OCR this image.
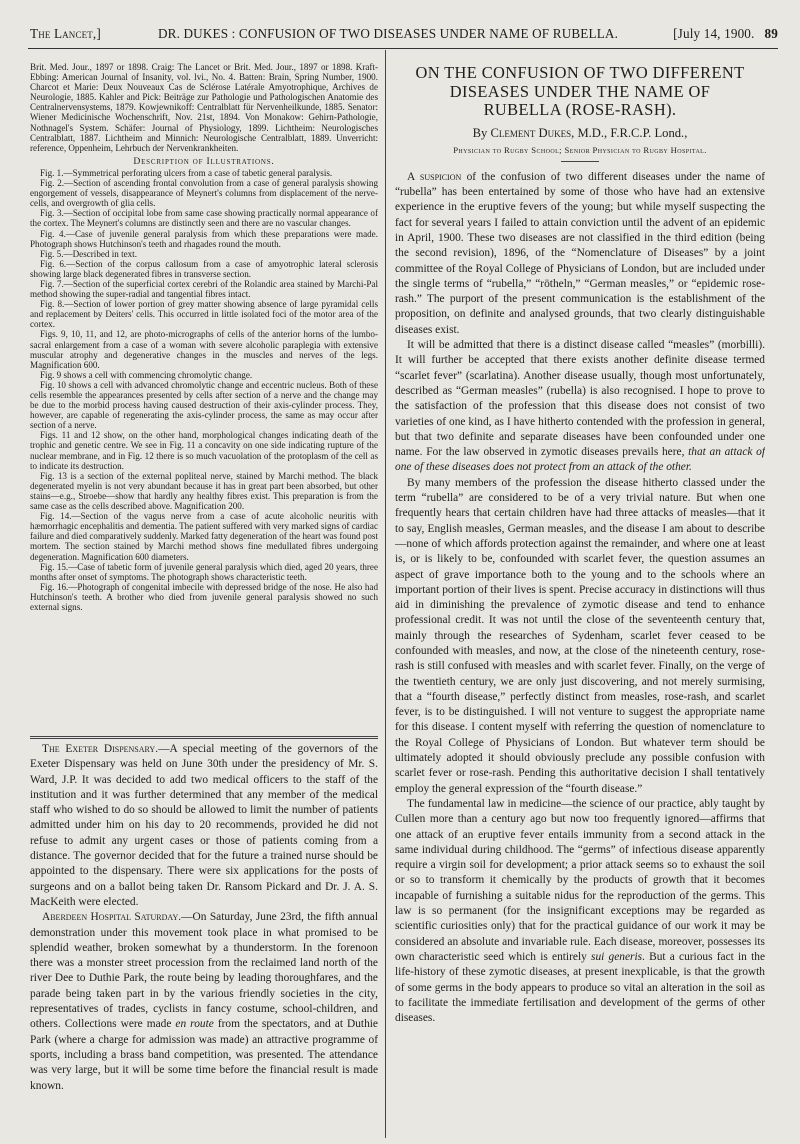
The Lancet,]	DR. DUKES : CONFUSION OF TWO DISEASES UNDER NAME OF RUBELLA.	[July 14, 1900. 89

Brit. Med. Jour., 1897 or 1898. Craig: The Lancet or Brit. Med. Jour., 1897 or 1898. Kraft-Ebbing: American Journal of Insanity, vol. lvi., No. 4. Batten: Brain, Spring Number, 1900. Charcot et Marie: Deux Nouveaux Cas de Sclérose Latérale Amyotrophique, Archives de Neurologie, 1885. Kahler and Pick: Beiträge zur Pathologie und Pathologischen Anatomie des Centralnervensystems, 1879. Kowjewnikoff: Centralblatt für Nervenheilkunde, 1885. Senator: Wiener Medicinische Wochenschrift, Nov. 21st, 1894. Von Monakow: Gehirn-Pathologie, Nothnagel's System. Schäfer: Journal of Physiology, 1899. Lichtheim: Neurologisches Centralblatt, 1887. Lichtheim and Minnich: Neurologische Centralblatt, 1889. Unverricht: reference, Oppenheim, Lehrbuch der Nervenkrankheiten.

Description of Illustrations.

Fig. 1.—Symmetrical perforating ulcers from a case of tabetic general paralysis.

Fig. 2.—Section of ascending frontal convolution from a case of general paralysis showing engorgement of vessels, disappearance of Meynert's columns from displacement of the nerve-cells, and overgrowth of glia cells.

Fig. 3.—Section of occipital lobe from same case showing practically normal appearance of the cortex. The Meynert's columns are distinctly seen and there are no vascular changes.

Fig. 4.—Case of juvenile general paralysis from which these preparations were made. Photograph shows Hutchinson's teeth and rhagades round the mouth.

Fig. 5.—Described in text.

Fig. 6.—Section of the corpus callosum from a case of amyotrophic lateral sclerosis showing large black degenerated fibres in transverse section.

Fig. 7.—Section of the superficial cortex cerebri of the Rolandic area stained by Marchi-Pal method showing the super-radial and tangential fibres intact.

Fig. 8.—Section of lower portion of grey matter showing absence of large pyramidal cells and replacement by Deiters' cells. This occurred in little isolated foci of the motor area of the cortex.

Figs. 9, 10, 11, and 12, are photo-micrographs of cells of the anterior horns of the lumbo-sacral enlargement from a case of a woman with severe alcoholic paraplegia with extensive muscular atrophy and degenerative changes in the muscles and nerves of the legs. Magnification 600.

Fig. 9 shows a cell with commencing chromolytic change.

Fig. 10 shows a cell with advanced chromolytic change and eccentric nucleus. Both of these cells resemble the appearances presented by cells after section of a nerve and the change may be due to the morbid process having caused destruction of their axis-cylinder process. They, however, are capable of regenerating the axis-cylinder process, the same as may occur after section of a nerve.

Figs. 11 and 12 show, on the other hand, morphological changes indicating death of the trophic and genetic centre. We see in Fig. 11 a concavity on one side indicating rupture of the nuclear membrane, and in Fig. 12 there is so much vacuolation of the protoplasm of the cell as to indicate its destruction.

Fig. 13 is a section of the external popliteal nerve, stained by Marchi method. The black degenerated myelin is not very abundant because it has in great part been absorbed, but other stains—e.g., Stroebe—show that hardly any healthy fibres exist. This preparation is from the same case as the cells described above. Magnification 200.

Fig. 14.—Section of the vagus nerve from a case of acute alcoholic neuritis with hæmorrhagic encephalitis and dementia. The patient suffered with very marked signs of cardiac failure and died comparatively suddenly. Marked fatty degeneration of the heart was found post mortem. The section stained by Marchi method shows fine medullated fibres undergoing degeneration. Magnification 600 diameters.

Fig. 15.—Case of tabetic form of juvenile general paralysis which died, aged 20 years, three months after onset of symptoms. The photograph shows characteristic teeth.

Fig. 16.—Photograph of congenital imbecile with depressed bridge of the nose. He also had Hutchinson's teeth. A brother who died from juvenile general paralysis showed no such external signs.

The Exeter Dispensary.—A special meeting of the governors of the Exeter Dispensary was held on June 30th under the presidency of Mr. S. Ward, J.P. It was decided to add two medical officers to the staff of the institution and it was further determined that any member of the medical staff who wished to do so should be allowed to limit the number of patients admitted under him on his day to 20 recommends, provided he did not refuse to admit any urgent cases or those of patients coming from a distance. The governor decided that for the future a trained nurse should be appointed to the dispensary. There were six applications for the posts of surgeons and on a ballot being taken Dr. Ransom Pickard and Dr. J. A. S. MacKeith were elected.

Aberdeen Hospital Saturday.—On Saturday, June 23rd, the fifth annual demonstration under this movement took place in what promised to be splendid weather, broken somewhat by a thunderstorm. In the forenoon there was a monster street procession from the reclaimed land north of the river Dee to Duthie Park, the route being by leading thoroughfares, and the parade being taken part in by the various friendly societies in the city, representatives of trades, cyclists in fancy costume, school-children, and others. Collections were made en route from the spectators, and at Duthie Park (where a charge for admission was made) an attractive programme of sports, including a brass band competition, was presented. The attendance was very large, but it will be some time before the financial result is made known.

ON THE CONFUSION OF TWO DIFFERENT
DISEASES UNDER THE NAME OF
RUBELLA (ROSE-RASH).
By Clement Dukes, M.D., F.R.C.P. Lond.,
Physician to Rugby School; Senior Physician to Rugby Hospital.

A suspicion of the confusion of two different diseases under the name of “rubella” has been entertained by some of those who have had an extensive experience in the eruptive fevers of the young; but while myself suspecting the fact for several years I failed to attain conviction until the advent of an epidemic in April, 1900. These two diseases are not classified in the third edition (being the second revision), 1896, of the “Nomenclature of Diseases” by a joint committee of the Royal College of Physicians of London, but are included under the single terms of “rubella,” “rötheln,” “German measles,” or “epidemic rose-rash.” The purport of the present communication is the establishment of the proposition, on definite and analysed grounds, that two clearly distinguishable diseases exist.

It will be admitted that there is a distinct disease called “measles” (morbilli). It will further be accepted that there exists another definite disease termed “scarlet fever” (scarlatina). Another disease usually, though most unfortunately, described as “German measles” (rubella) is also recognised. I hope to prove to the satisfaction of the profession that this disease does not consist of two varieties of one kind, as I have hitherto contended with the profession in general, but that two definite and separate diseases have been confounded under one name. For the law observed in zymotic diseases prevails here, that an attack of one of these diseases does not protect from an attack of the other.

By many members of the profession the disease hitherto classed under the term “rubella” are considered to be of a very trivial nature. But when one frequently hears that certain children have had three attacks of measles—that it to say, English measles, German measles, and the disease I am about to describe—none of which affords protection against the remainder, and where one at least is, or is likely to be, confounded with scarlet fever, the question assumes an aspect of grave importance both to the young and to the schools where an important portion of their lives is spent. Precise accuracy in distinctions will thus aid in diminishing the prevalence of zymotic disease and tend to enhance professional credit. It was not until the close of the seventeenth century that, mainly through the researches of Sydenham, scarlet fever ceased to be confounded with measles, and now, at the close of the nineteenth century, rose-rash is still confused with measles and with scarlet fever. Finally, on the verge of the twentieth century, we are only just discovering, and not merely surmising, that a “fourth disease,” perfectly distinct from measles, rose-rash, and scarlet fever, is to be distinguished. I will not venture to suggest the appropriate name for this disease. I content myself with referring the question of nomenclature to the Royal College of Physicians of London. But whatever term should be ultimately adopted it should obviously preclude any possible confusion with scarlet fever or rose-rash. Pending this authoritative decision I shall tentatively employ the general expression of the “fourth disease.”

The fundamental law in medicine—the science of our practice, ably taught by Cullen more than a century ago but now too frequently ignored—affirms that one attack of an eruptive fever entails immunity from a second attack in the same individual during childhood. The “germs” of infectious disease apparently require a virgin soil for development; a prior attack seems so to exhaust the soil or so to transform it chemically by the products of growth that it becomes incapable of furnishing a suitable nidus for the reproduction of the germs. This law is so permanent (for the insignificant exceptions may be regarded as scientific curiosities only) that for the practical guidance of our work it may be considered an absolute and invariable rule. Each disease, moreover, possesses its own characteristic seed which is entirely sui generis. But a curious fact in the life-history of these zymotic diseases, at present inexplicable, is that the growth of some germs in the body appears to produce so vital an alteration in the soil as to facilitate the immediate fertilisation and development of the germs of other diseases.
